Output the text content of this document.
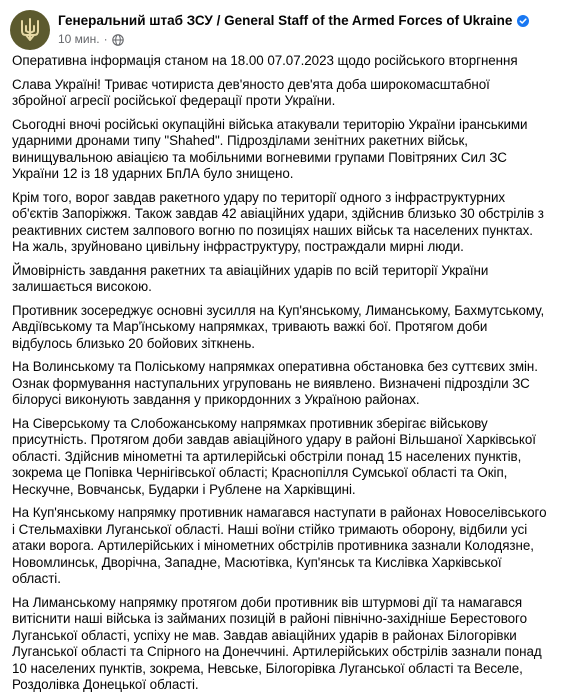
Генеральний штаб ЗСУ / General Staff of the Armed Forces of Ukraine
10 мин. ·

Оперативна інформація станом на 18.00 07.07.2023 щодо російського вторгнення

Слава Україні! Триває чотириста дев'яносто дев'ята доба широкомасштабної збройної агресії російської федерації проти України.

Сьогодні вночі російські окупаційні війська атакували територію України іранськими ударними дронами типу "Shahed". Підрозділами зенітних ракетних військ, винищувальною авіацією та мобільними вогневими групами Повітряних Сил ЗС України 12 із 18 ударних БпЛА було знищено.

Крім того, ворог завдав ракетного удару по території одного з інфраструктурних об'єктів Запоріжжя. Також завдав 42 авіаційних удари, здійснив близько 30 обстрілів з реактивних систем залпового вогню по позиціях наших військ та населених пунктах. На жаль, зруйновано цивільну інфраструктуру, постраждали мирні люди.

Ймовірність завдання ракетних та авіаційних ударів по всій території України залишається високою.

Противник зосереджує основні зусилля на Куп'янському, Лиманському, Бахмутському, Авдіївському та Мар'їнському напрямках, тривають важкі бої. Протягом доби відбулось близько 20 бойових зіткнень.

На Волинському та Поліському напрямках оперативна обстановка без суттєвих змін. Ознак формування наступальних угруповань не виявлено. Визначені підрозділи ЗС білорусі виконують завдання у прикордонних з Україною районах.

На Сіверському та Слобожанському напрямках противник зберігає військову присутність. Протягом доби завдав авіаційного удару в районі Вільшаної Харківської області. Здійснив мінометні та артилерійські обстріли понад 15 населених пунктів, зокрема це Попівка Чернігівської області; Краснопілля Сумської області та Окіп, Нескучне, Вовчанськ, Бударки і Рублене на Харківщині.

На Куп'янському напрямку противник намагався наступати в районах Новоселівського і Стельмахівки Луганської області. Наші воїни стійко тримають оборону, відбили усі атаки ворога. Артилерійських і мінометних обстрілів противника зазнали Колодязне, Новомлинськ, Дворічна, Западне, Масютівка, Куп'янськ та Кислівка Харківської області.

На Лиманському напрямку протягом доби противник вів штурмові дії та намагався витіснити наші війська із займаних позицій в районі північно-західніше Берестового Луганської області, успіху не мав. Завдав авіаційних ударів в районах Білогорівки Луганської області та Спірного на Донеччині. Артилерійських обстрілів зазнали понад 10 населених пунктів, зокрема, Невське, Білогорівка Луганської області та Веселе, Роздолівка Донецької області.
